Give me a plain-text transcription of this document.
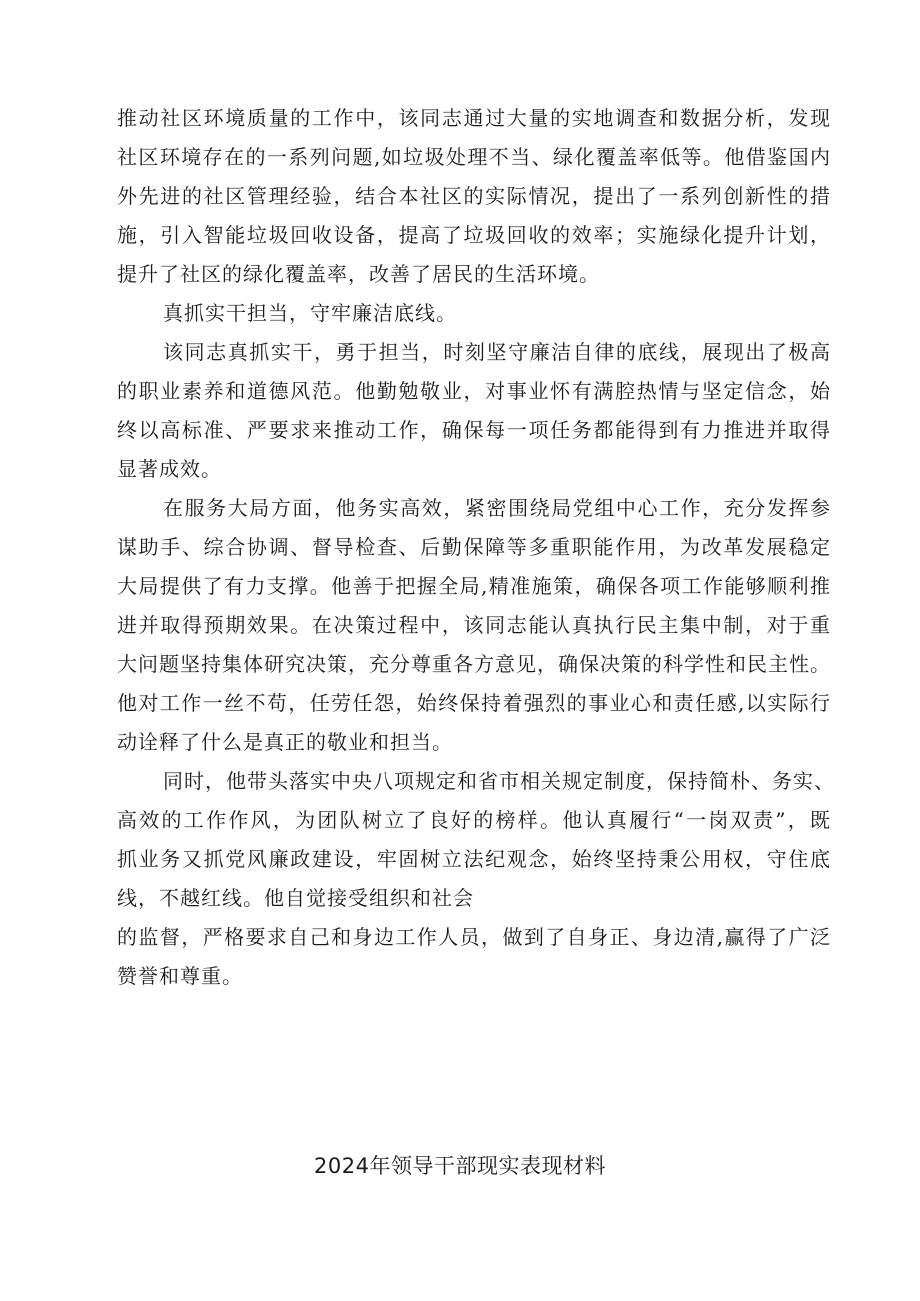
推动社区环境质量的工作中，该同志通过大量的实地调查和数据分析，发现
社区环境存在的一系列问题,如垃圾处理不当、绿化覆盖率低等。他借鉴国内
外先进的社区管理经验，结合本社区的实际情况，提出了一系列创新性的措
施，引入智能垃圾回收设备，提高了垃圾回收的效率；实施绿化提升计划，
提升了社区的绿化覆盖率，改善了居民的生活环境。
真抓实干担当，守牢廉洁底线。
该同志真抓实干，勇于担当，时刻坚守廉洁自律的底线，展现出了极高
的职业素养和道德风范。他勤勉敬业，对事业怀有满腔热情与坚定信念，始
终以高标准、严要求来推动工作，确保每一项任务都能得到有力推进并取得
显著成效。
在服务大局方面，他务实高效，紧密围绕局党组中心工作，充分发挥参
谋助手、综合协调、督导检查、后勤保障等多重职能作用，为改革发展稳定
大局提供了有力支撑。他善于把握全局,精准施策，确保各项工作能够顺利推
进并取得预期效果。在决策过程中，该同志能认真执行民主集中制，对于重
大问题坚持集体研究决策，充分尊重各方意见，确保决策的科学性和民主性。
他对工作一丝不苟，任劳任怨，始终保持着强烈的事业心和责任感,以实际行
动诠释了什么是真正的敬业和担当。
同时，他带头落实中央八项规定和省市相关规定制度，保持简朴、务实、
高效的工作作风，为团队树立了良好的榜样。他认真履行“一岗双责”，既
抓业务又抓党风廉政建设，牢固树立法纪观念，始终坚持秉公用权，守住底
线，不越红线。他自觉接受组织和社会
的监督，严格要求自己和身边工作人员，做到了自身正、身边清,赢得了广泛
赞誉和尊重。
2024年领导干部现实表现材料
